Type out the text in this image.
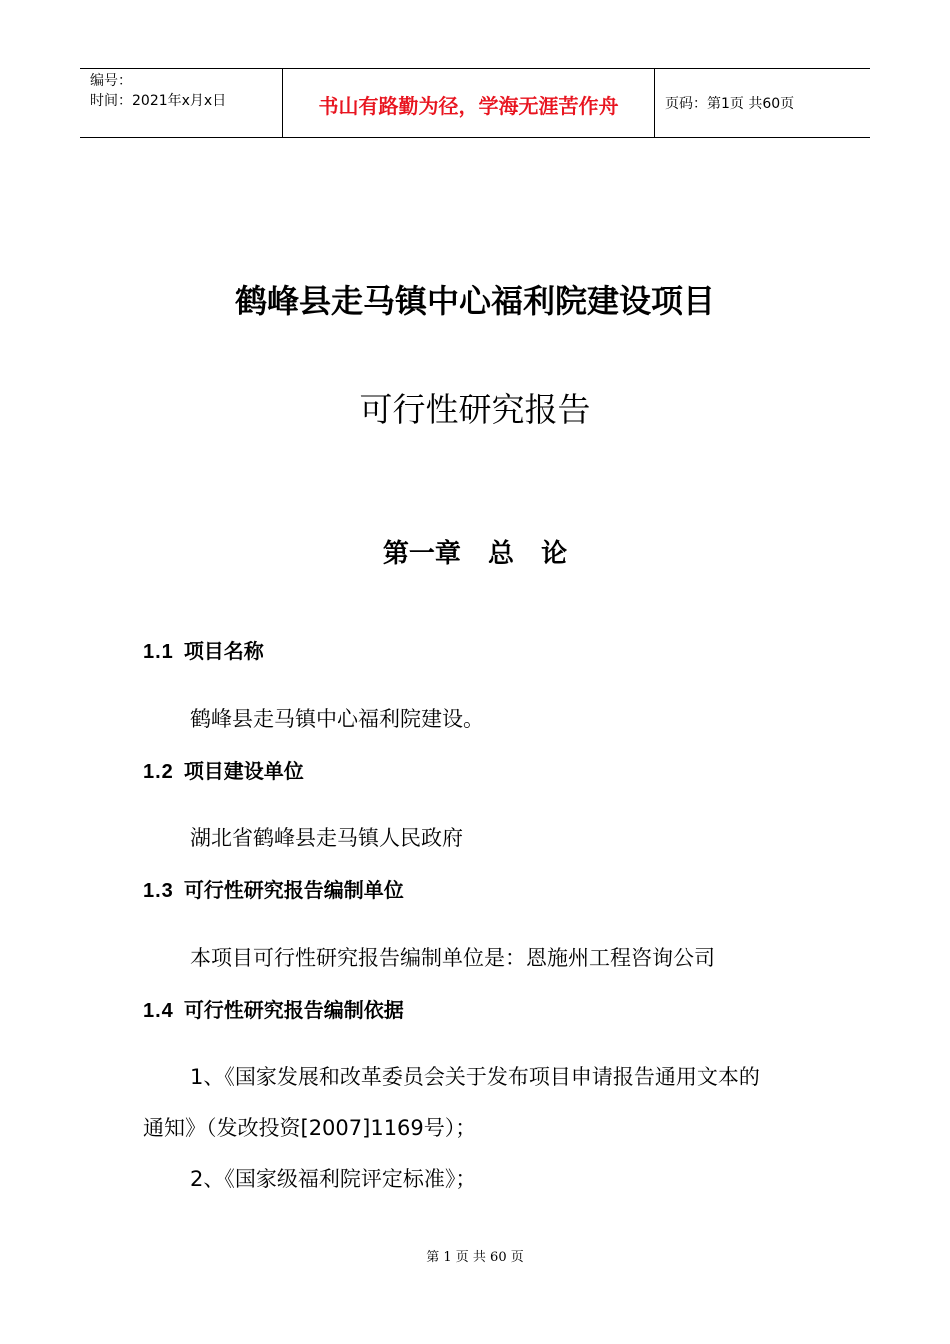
编号：
时间：2021年x月x日	书山有路勤为径，学海无涯苦作舟	页码：第1页 共60页
鹤峰县走马镇中心福利院建设项目
可行性研究报告
第一章   总   论
1.1 项目名称
鹤峰县走马镇中心福利院建设。
1.2 项目建设单位
湖北省鹤峰县走马镇人民政府
1.3 可行性研究报告编制单位
本项目可行性研究报告编制单位是：恩施州工程咨询公司
1.4 可行性研究报告编制依据
1、《国家发展和改革委员会关于发布项目申请报告通用文本的
通知》（发改投资[2007]1169号）；
2、《国家级福利院评定标准》；
第 1 页 共 60 页
